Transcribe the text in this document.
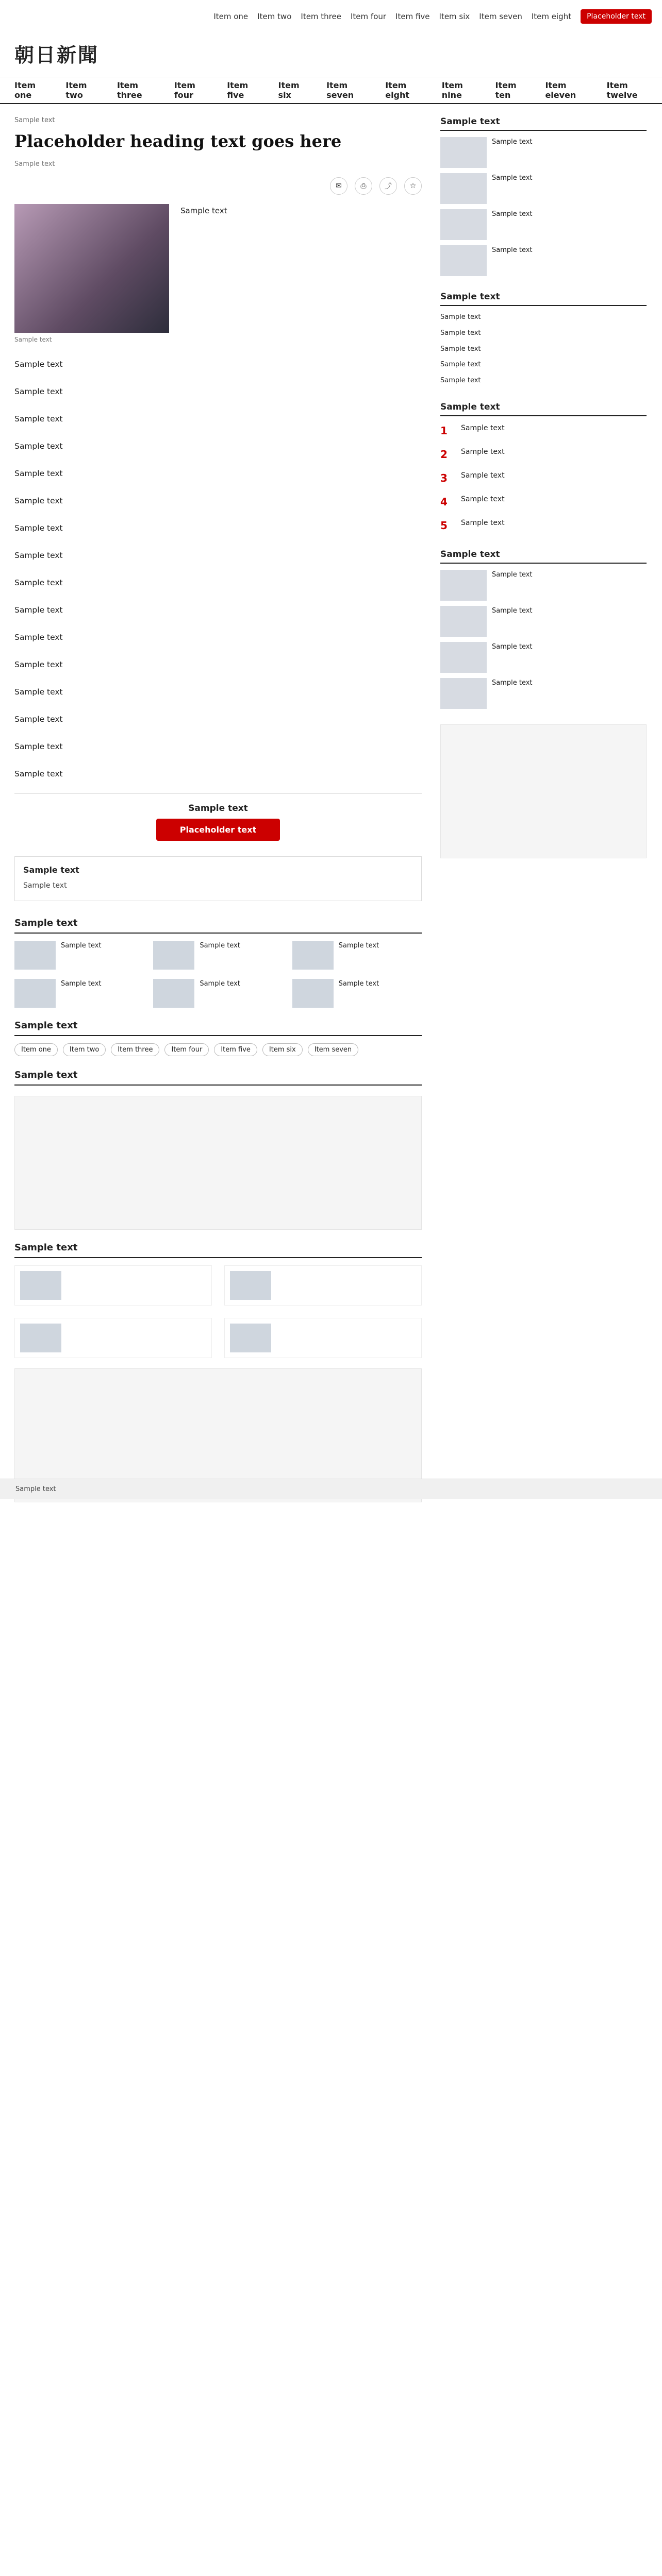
朝日新聞
Item one Item two Item three Item four Item five Item six Item seven Item eight	Placeholder text
Item one
Item two
Item three
Item four
Item five
Item six
Item seven
Item eight
Item nine
Item ten
Item eleven
Item twelve
Sample text
Placeholder heading text goes here
Sample text
✉	⎙	⤴	☆
Sample text
Sample text

Sample text

Sample text

Sample text

Sample text

Sample text

Sample text

Sample text

Sample text

Sample text

Sample text

Sample text

Sample text

Sample text

Sample text

Sample text

Sample text

Sample text
Placeholder text
Sample text
Sample text
Sample text
Sample text	Sample text	Sample text
Sample text	Sample text	Sample text
Sample text
Item one	Item two	Item three	Item four	Item five	Item six	Item seven
Sample text
Sample text
Sample text
Sample text
Sample text
Sample text
Sample text
Sample text
Sample text
Sample text
Sample text
Sample text
Sample text
Sample text
1	Sample text
2	Sample text
3	Sample text
4	Sample text
5	Sample text
Sample text
Sample text
Sample text
Sample text
Sample text
Sample text
